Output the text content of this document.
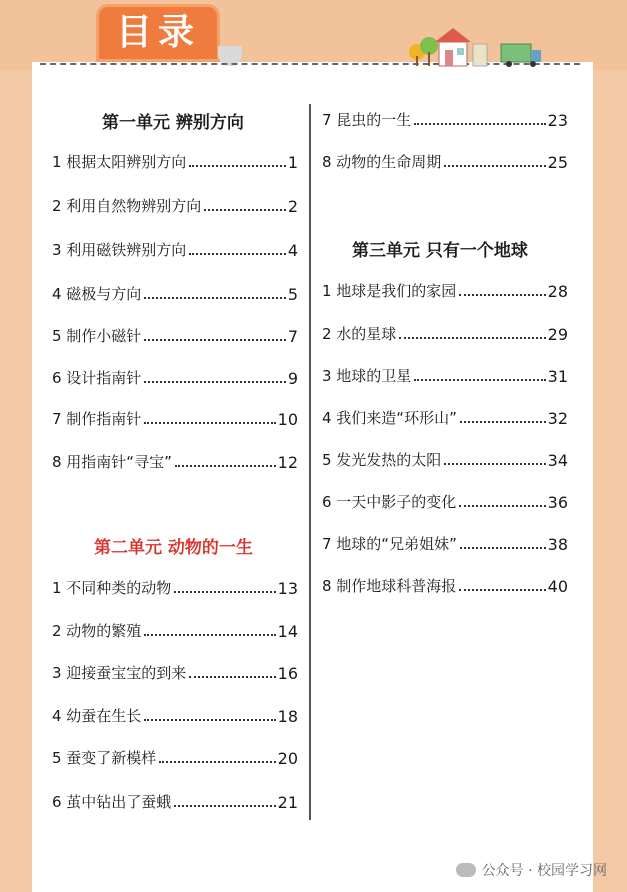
目录
第一单元 辨别方向
1 根据太阳辨别方向	1
2 利用自然物辨别方向	2
3 利用磁铁辨别方向	4
4 磁极与方向	5
5 制作小磁针	7
6 设计指南针	9
7 制作指南针	10
8 用指南针“寻宝”	12
第二单元 动物的一生
1 不同种类的动物	13
2 动物的繁殖	14
3 迎接蚕宝宝的到来	16
4 幼蚕在生长	18
5 蚕变了新模样	20
6 茧中钻出了蚕蛾	21
7 昆虫的一生	23
8 动物的生命周期	25
第三单元 只有一个地球
1 地球是我们的家园	28
2 水的星球	29
3 地球的卫星	31
4 我们来造“环形山”	32
5 发光发热的太阳	34
6 一天中影子的变化	36
7 地球的“兄弟姐妹”	38
8 制作地球科普海报	40
公众号 · 校园学习网
